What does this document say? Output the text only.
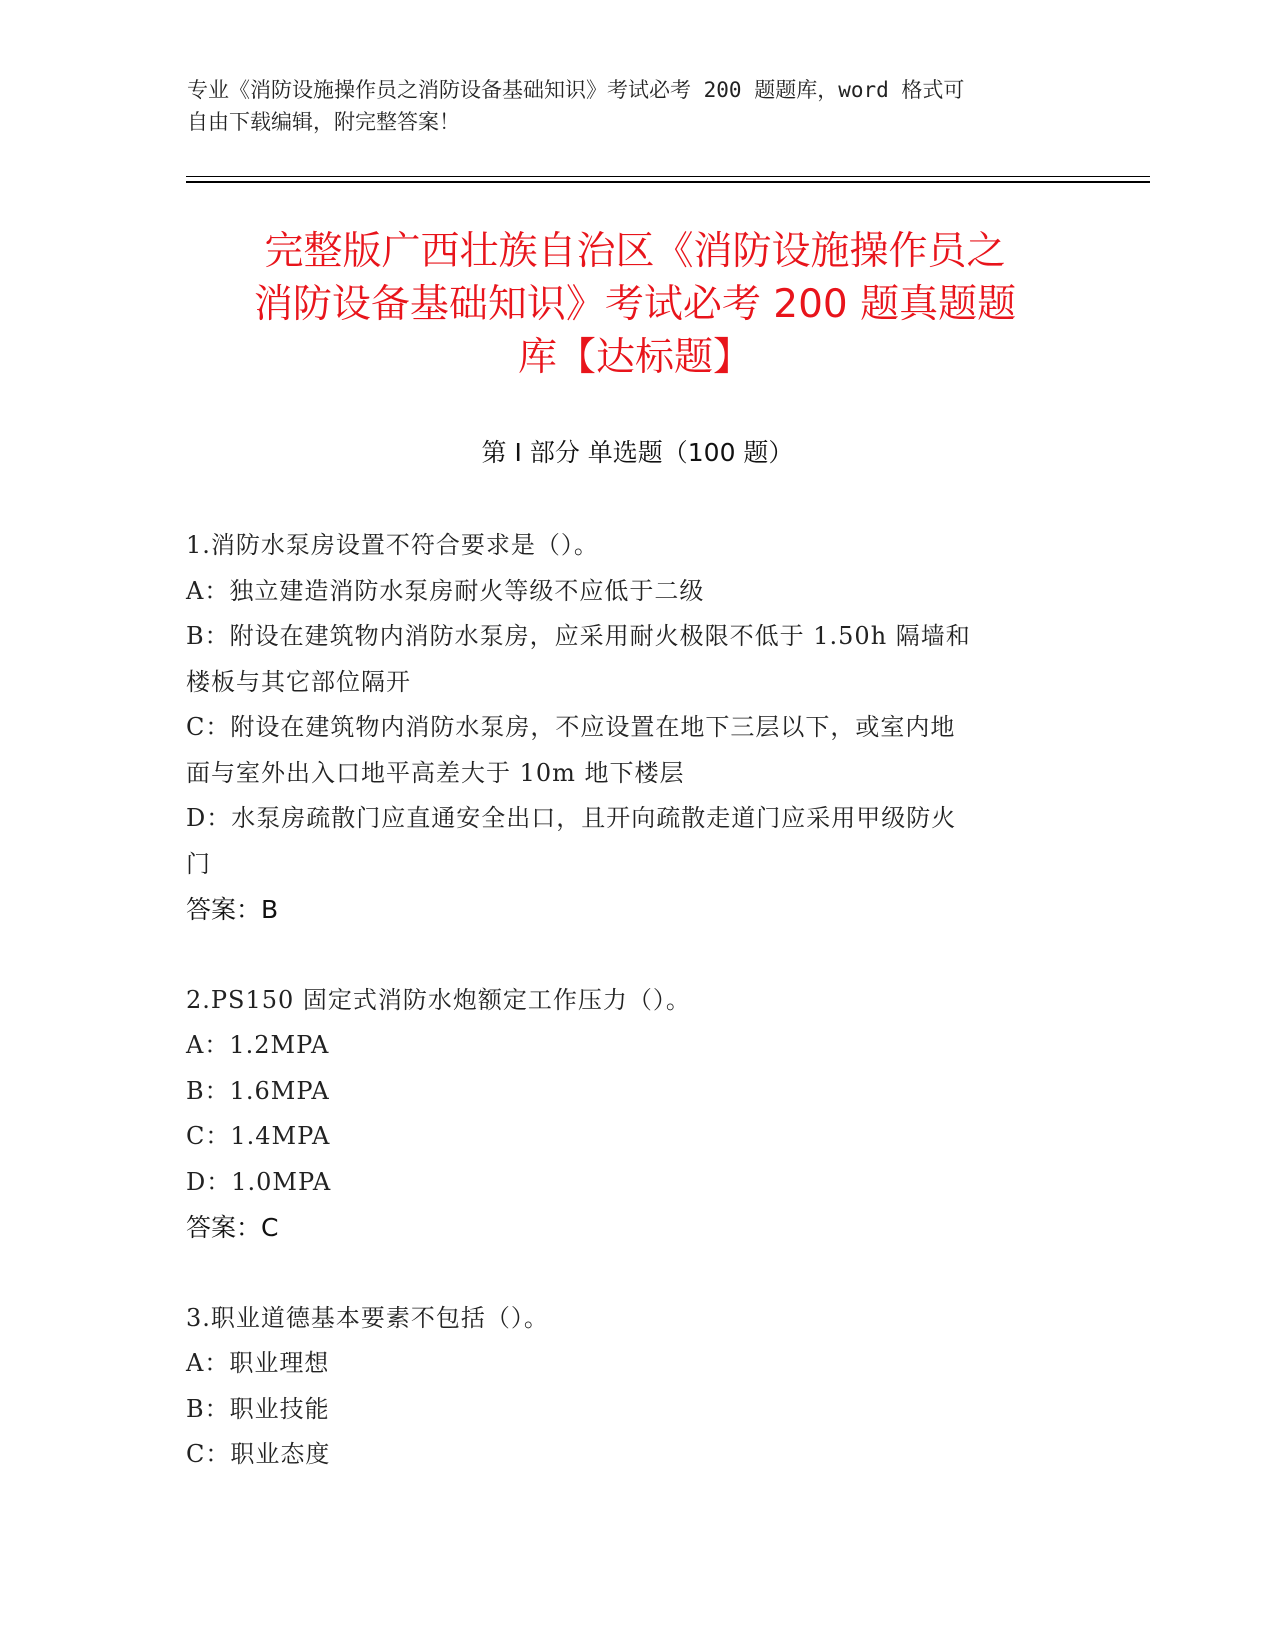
专业《消防设施操作员之消防设备基础知识》考试必考 200 题题库，word 格式可
自由下载编辑，附完整答案！
完整版广西壮族自治区《消防设施操作员之
消防设备基础知识》考试必考 200 题真题题
库【达标题】
第 I 部分 单选题（100 题）
1.消防水泵房设置不符合要求是（）。
A：独立建造消防水泵房耐火等级不应低于二级
B：附设在建筑物内消防水泵房，应采用耐火极限不低于 1.50h 隔墙和
楼板与其它部位隔开
C：附设在建筑物内消防水泵房，不应设置在地下三层以下，或室内地
面与室外出入口地平高差大于 10m 地下楼层
D：水泵房疏散门应直通安全出口，且开向疏散走道门应采用甲级防火
门
答案：B
2.PS150 固定式消防水炮额定工作压力（）。
A：1.2MPA
B：1.6MPA
C：1.4MPA
D：1.0MPA
答案：C
3.职业道德基本要素不包括（）。
A：职业理想
B：职业技能
C：职业态度
